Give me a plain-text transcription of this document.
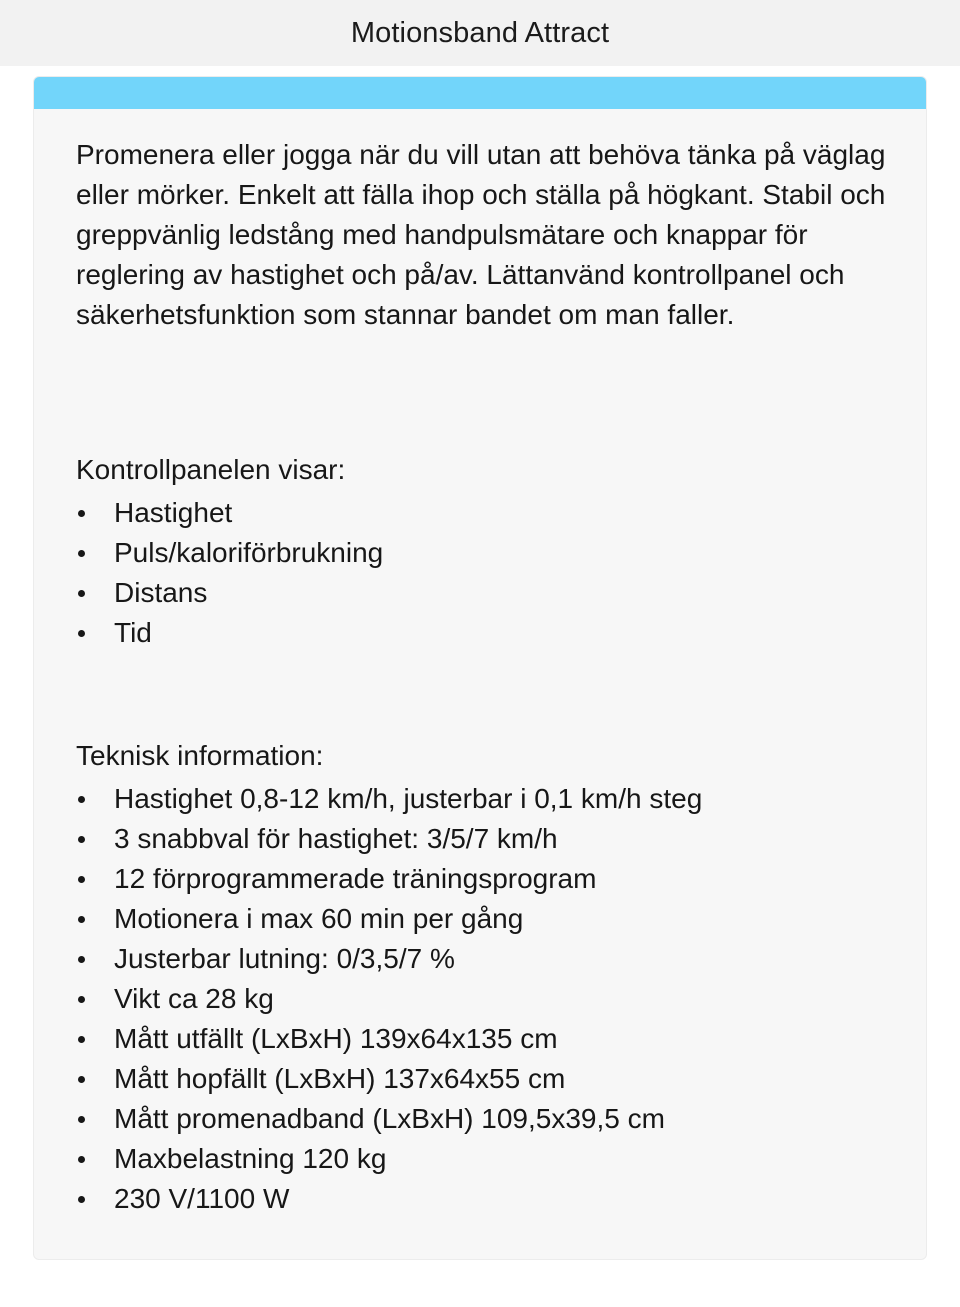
Motionsband Attract

Promenera eller jogga när du vill utan att behöva tänka på väglag eller mörker. Enkelt att fälla ihop och ställa på högkant. Stabil och greppvänlig ledstång med handpulsmätare och knappar för reglering av hastighet och på/av. Lättanvänd kontrollpanel och säkerhetsfunktion som stannar bandet om man faller.

Kontrollpanelen visar:
Hastighet
Puls/kaloriförbrukning
Distans
Tid
Teknisk information:
Hastighet 0,8-12 km/h, justerbar i 0,1 km/h steg
3 snabbval för hastighet: 3/5/7 km/h
12 förprogrammerade träningsprogram
Motionera i max 60 min per gång
Justerbar lutning: 0/3,5/7 %
Vikt ca 28 kg
Mått utfällt (LxBxH) 139x64x135 cm
Mått hopfällt (LxBxH) 137x64x55 cm
Mått promenadband (LxBxH) 109,5x39,5 cm
Maxbelastning 120 kg
230 V/1100 W
